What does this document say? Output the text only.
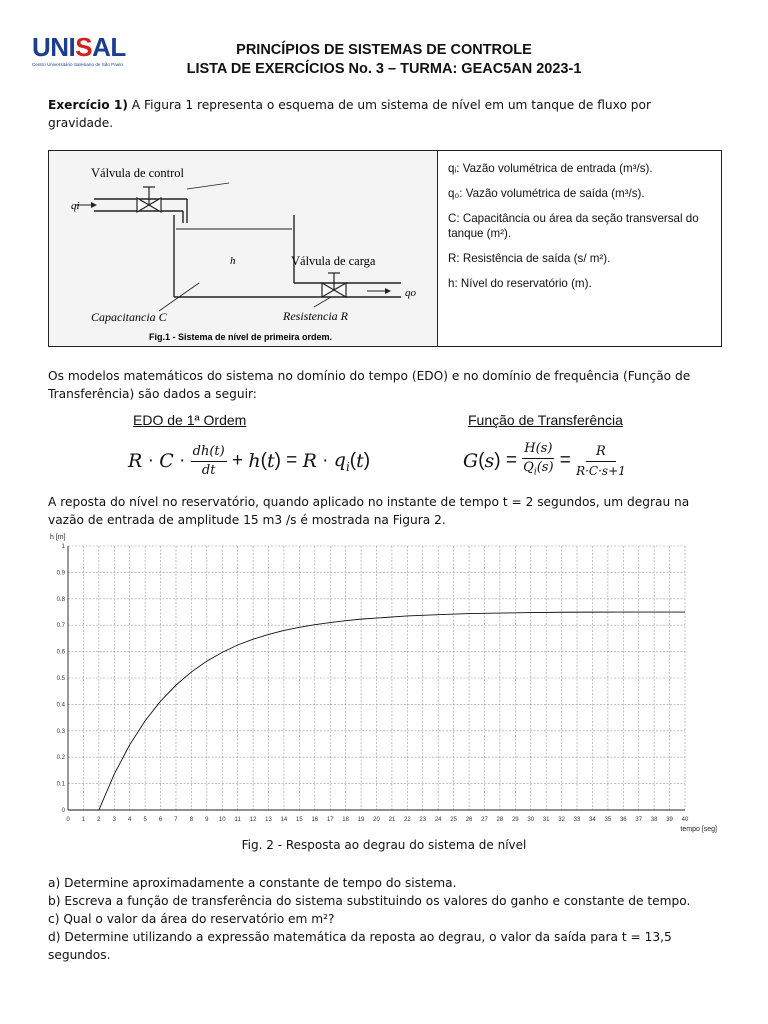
UNISAL
Centro Universitário Salesiano de São Paulo
PRINCÍPIOS DE SISTEMAS DE CONTROLE
LISTA DE EXERCÍCIOS No. 3 – TURMA: GEAC5AN 2023-1
Exercício 1) A Figura 1 representa o esquema de um sistema de nível em um tanque de fluxo por
gravidade.
Válvula de control
qi
h	Válvula de carga
qo
Capacitancia C	Resistencia R
Fig.1 - Sistema de nível de primeira ordem.

qᵢ: Vazão volumétrica de entrada (m³/s).

q₀: Vazão volumétrica de saída (m³/s).

C: Capacitância ou área da seção transversal do tanque (m²).

R: Resistência de saída (s/ m²).

h: Nível do reservatório (m).

Os modelos matemáticos do sistema no domínio do tempo (EDO) e no domínio de frequência (Função de
Transferência) são dados a seguir:
EDO de 1ª Ordem	Função de Transferência
R · C · dh(t)
dt + h ( t ) = $R \cdot q_i$ ( t )	G ( s ) =
H(s)
$Q_i(s)$ =	R
R·C·s+1
A reposta do nível no reservatório, quando aplicado no instante de tempo t = 2 segundos, um degrau na
vazão de entrada de amplitude 15 m3 /s é mostrada na Figura 2.
0 1 2 3 4 5 6 7 8 9 10 11 12 13 14 15 16 17 18 19 20 21 22 23 24 25 26 27 28 29 30 31 32 33 34 35 36 37 38 39 40
0
0.1
0.2
0.3
0.4
0.5
0.6
0.7
0.8
0.9
1
h [m]
tempo [seg]
Fig. 2 - Resposta ao degrau do sistema de nível
a) Determine aproximadamente a constante de tempo do sistema.
b) Escreva a função de transferência do sistema substituindo os valores do ganho e constante de tempo.
c) Qual o valor da área do reservatório em m²?
d) Determine utilizando a expressão matemática da reposta ao degrau, o valor da saída para t = 13,5
segundos.
